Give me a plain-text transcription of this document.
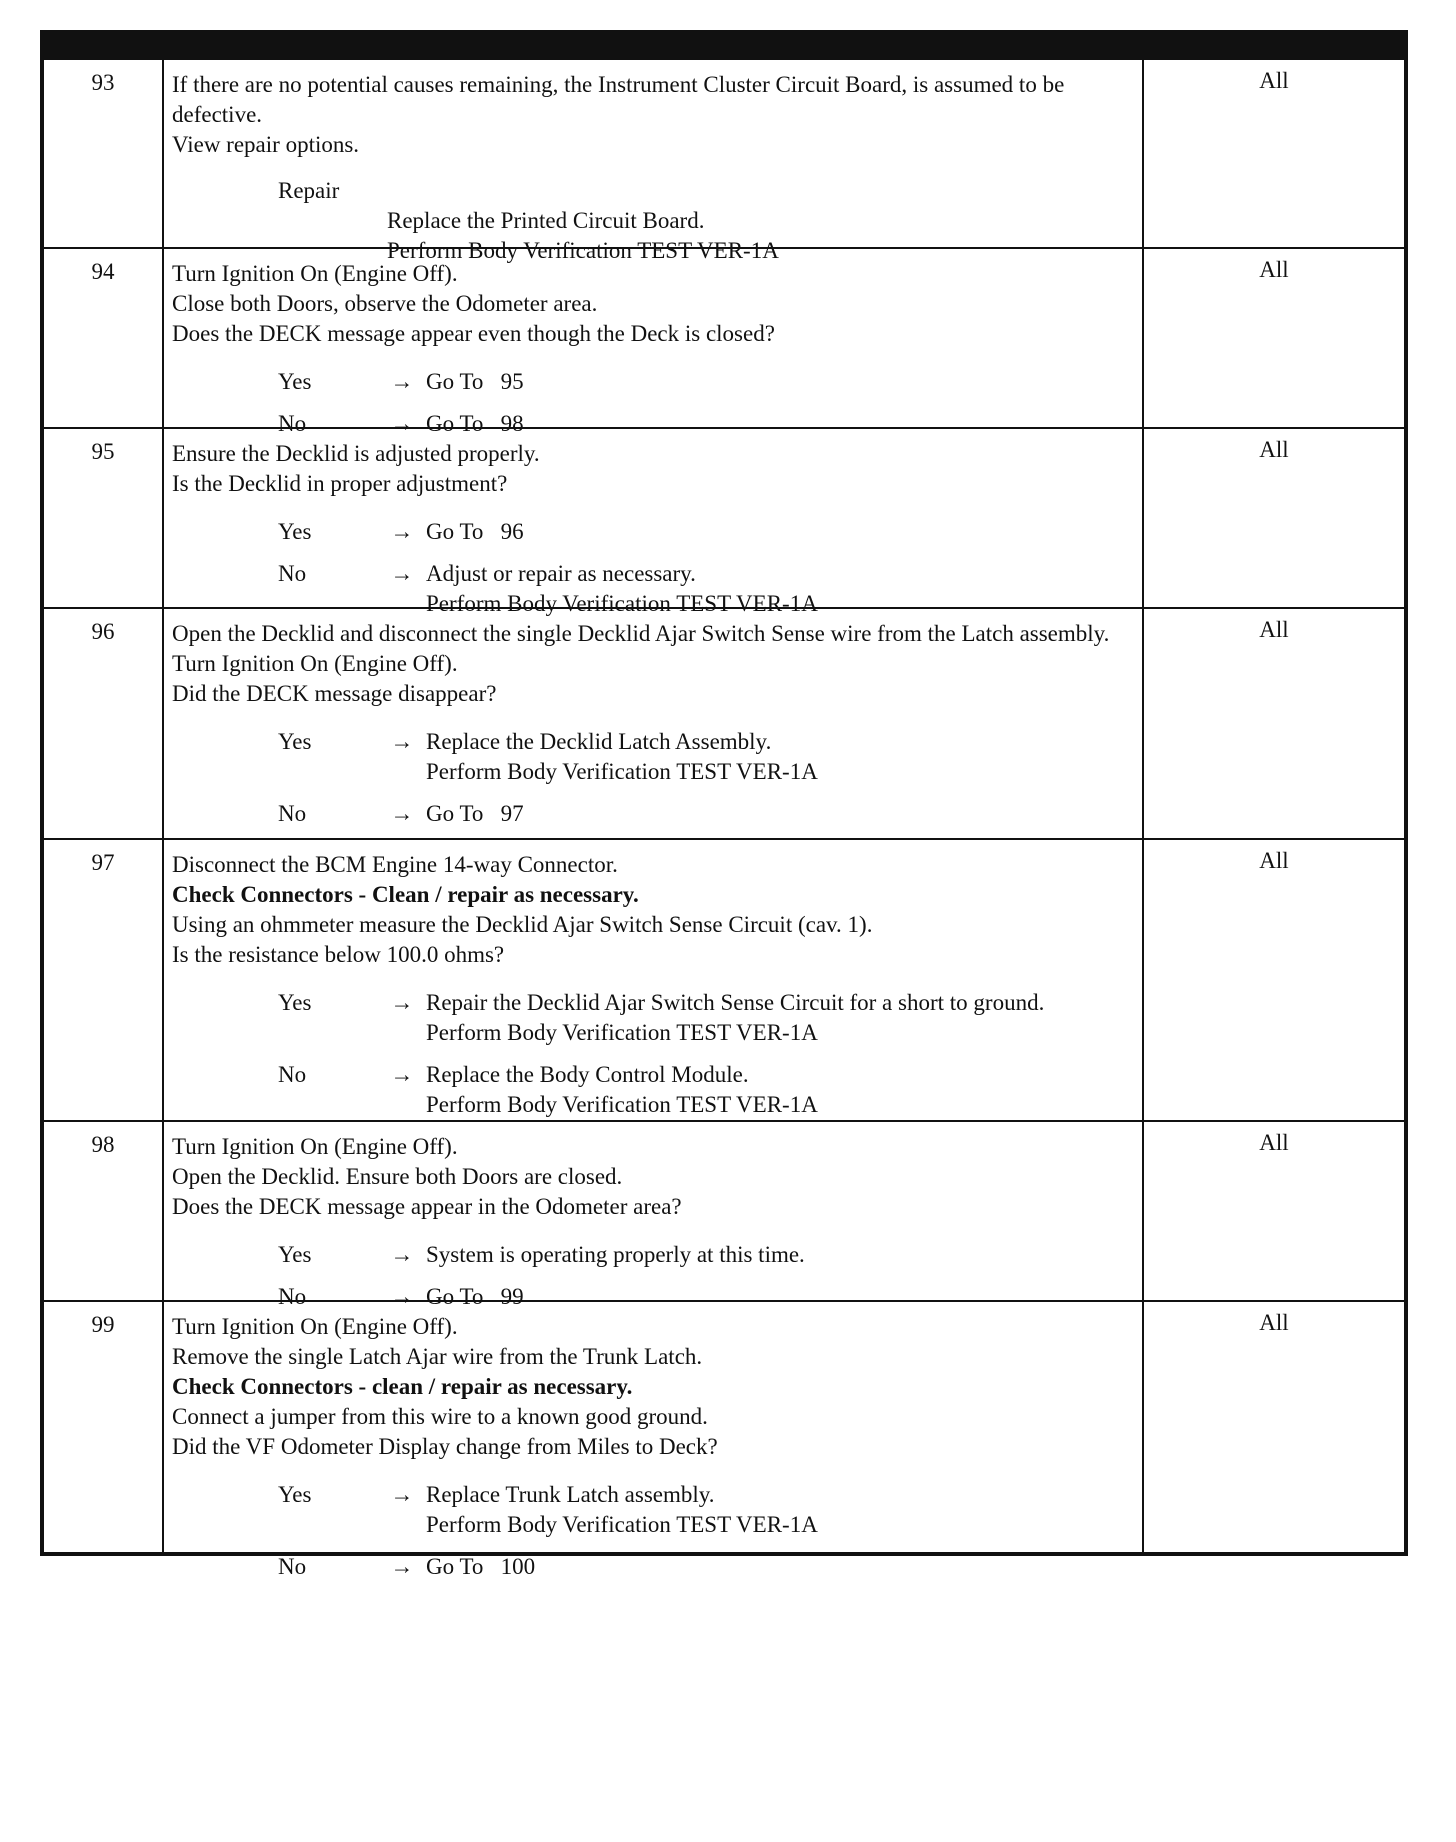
93	If there are no potential causes remaining, the Instrument Cluster Circuit Board, is assumed to be defective.
View repair options.
Repair
Replace the Printed Circuit Board.
Perform Body Verification TEST VER-1A
All
94	Turn Ignition On (Engine Off).
Close both Doors, observe the Odometer area.
Does the DECK message appear even though the Deck is closed?
Yes	→ Go To   95
No	→ Go To   98
All
95	Ensure the Decklid is adjusted properly.
Is the Decklid in proper adjustment?
Yes	→ Go To   96
No	→ Adjust or repair as necessary.
Perform Body Verification TEST VER-1A
All
96	Open the Decklid and disconnect the single Decklid Ajar Switch Sense wire from the Latch assembly.
Turn Ignition On (Engine Off).
Did the DECK message disappear?
Yes	→ Replace the Decklid Latch Assembly.
Perform Body Verification TEST VER-1A
No	→ Go To   97
All
97	Disconnect the BCM Engine 14-way Connector.
Check Connectors - Clean / repair as necessary.
Using an ohmmeter measure the Decklid Ajar Switch Sense Circuit (cav. 1).
Is the resistance below 100.0 ohms?
Yes	→ Repair the Decklid Ajar Switch Sense Circuit for a short to ground.
Perform Body Verification TEST VER-1A
No	→ Replace the Body Control Module.
Perform Body Verification TEST VER-1A
All
98	Turn Ignition On (Engine Off).
Open the Decklid. Ensure both Doors are closed.
Does the DECK message appear in the Odometer area?
Yes	→ System is operating properly at this time.
No	→ Go To   99
All
99	Turn Ignition On (Engine Off).
Remove the single Latch Ajar wire from the Trunk Latch.
Check Connectors - clean / repair as necessary.
Connect a jumper from this wire to a known good ground.
Did the VF Odometer Display change from Miles to Deck?
Yes	→ Replace Trunk Latch assembly.
Perform Body Verification TEST VER-1A
No	→ Go To   100
All
